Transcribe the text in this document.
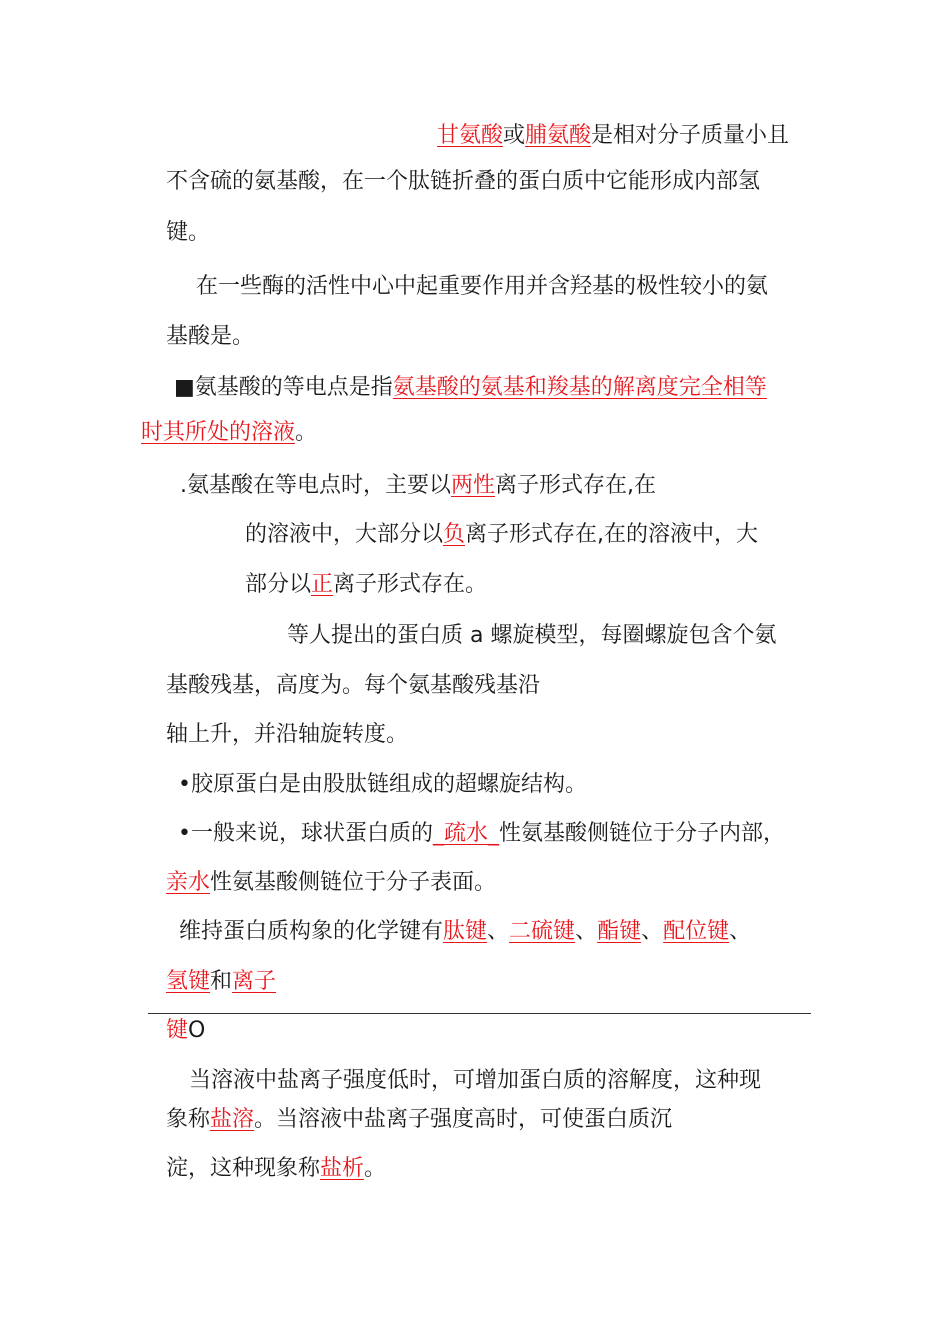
甘氨酸或脯氨酸是相对分子质量小且
不含硫的氨基酸，在一个肽链折叠的蛋白质中它能形成内部氢
键。
在一些酶的活性中心中起重要作用并含羟基的极性较小的氨
基酸是。
■氨基酸的等电点是指氨基酸的氨基和羧基的解离度完全相等
时其所处的溶液。
.氨基酸在等电点时，主要以两性离子形式存在,在
的溶液中，大部分以负离子形式存在,在的溶液中，大
部分以正离子形式存在。
等人提出的蛋白质 a 螺旋模型，每圈螺旋包含个氨
基酸残基，高度为。每个氨基酸残基沿
轴上升，并沿轴旋转度。
•胶原蛋白是由股肽链组成的超螺旋结构。
•一般来说，球状蛋白质的_疏水_性氨基酸侧链位于分子内部，
亲水性氨基酸侧链位于分子表面。
维持蛋白质构象的化学键有肽键、二硫键、酯键、配位键、
氢键和离子
键O
当溶液中盐离子强度低时，可增加蛋白质的溶解度，这种现
象称盐溶。当溶液中盐离子强度高时，可使蛋白质沉
淀，这种现象称盐析。
